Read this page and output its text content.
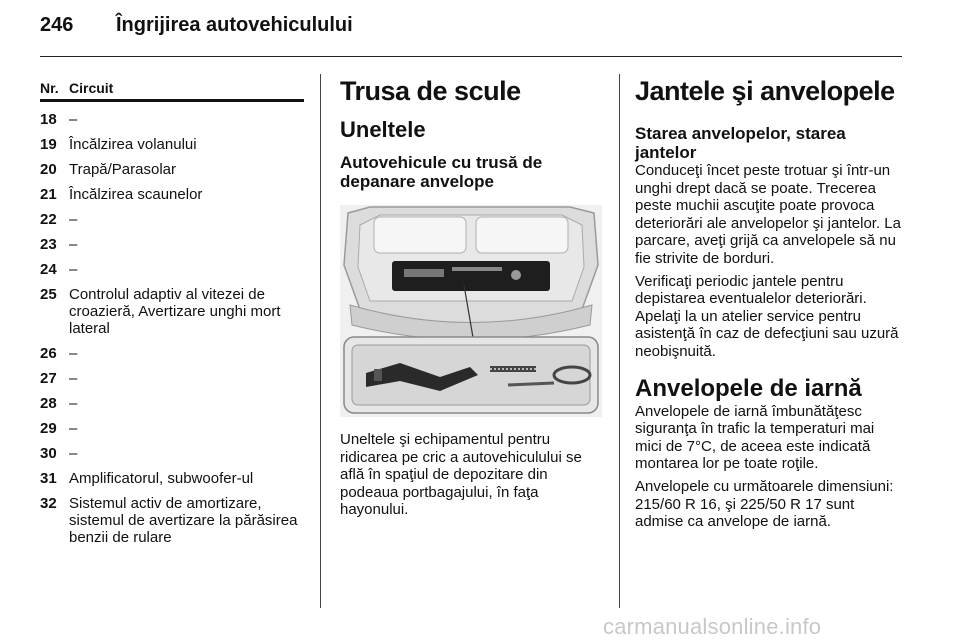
246 Îngrijirea autovehiculului
Nr. Circuit
18 –
19 Încălzirea volanului
20 Trapă/Parasolar
21 Încălzirea scaunelor
22 –
23 –
24 –
25 Controlul adaptiv al vitezei de croazieră, Avertizare unghi mort lateral
26 –
27 –
28 –
29 –
30 –
31 Amplificatorul, subwoofer-ul
32 Sistemul activ de amortizare, sistemul de avertizare la părăsirea benzii de rulare
Trusa de scule
Uneltele
Autovehicule cu trusă de depanare anvelope
Uneltele şi echipamentul pentru ridicarea pe cric a autovehiculului se află în spaţiul de depozitare din podeaua portbagajului, în faţa hayonului.
Jantele şi anvelopele
Starea anvelopelor, starea jantelor
Conduceţi încet peste trotuar şi într-un unghi drept dacă se poate. Trecerea peste muchii ascuţite poate provoca deteriorări ale anvelopelor şi jantelor. La parcare, aveţi grijă ca anvelopele să nu fie strivite de borduri.
Verificaţi periodic jantele pentru depistarea eventualelor deteriorări. Apelaţi la un atelier service pentru asistenţă în caz de defecţiuni sau uzură neobişnuită.
Anvelopele de iarnă
Anvelopele de iarnă îmbunătăţesc siguranţa în trafic la temperaturi mai mici de 7°C, de aceea este indicată montarea lor pe toate roţile.
Anvelopele cu următoarele dimensiuni: 215/60 R 16, şi 225/50 R 17 sunt admise ca anvelope de iarnă.
carmanualsonline.info
